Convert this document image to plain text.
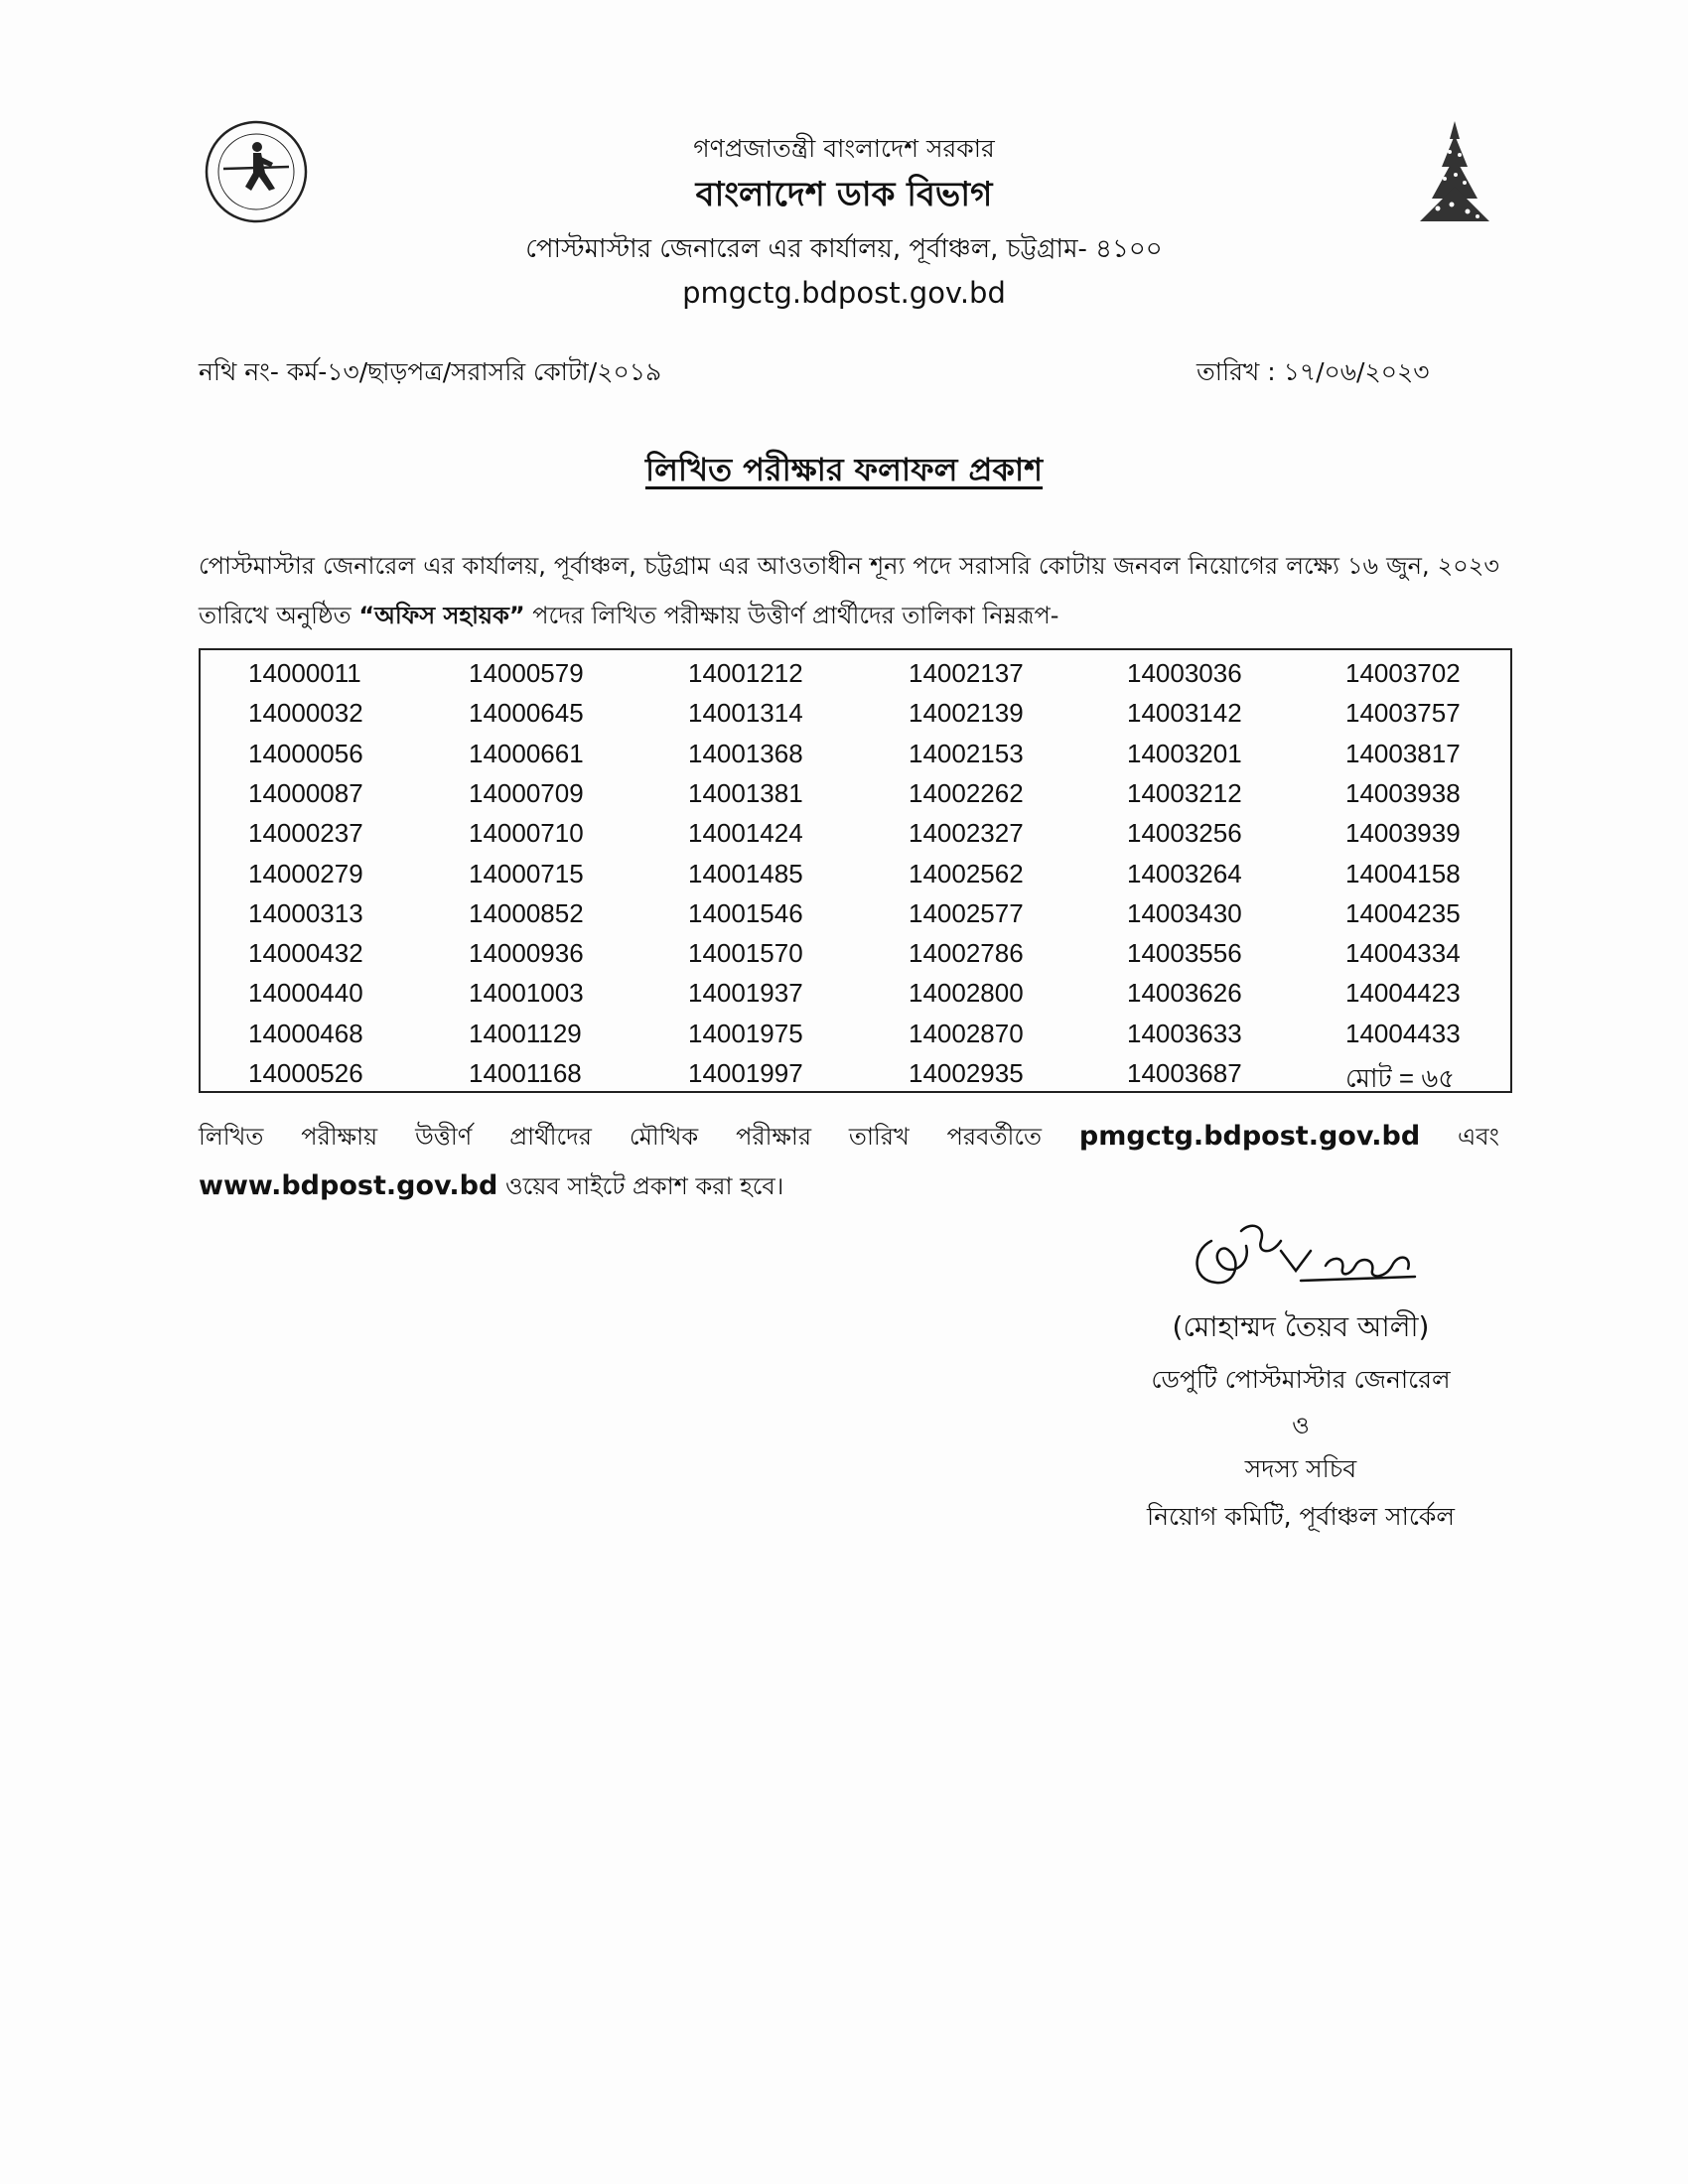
গণপ্রজাতন্ত্রী বাংলাদেশ সরকার
বাংলাদেশ ডাক বিভাগ
পোস্টমাস্টার জেনারেল এর কার্যালয়, পূর্বাঞ্চল, চট্টগ্রাম- ৪১০০
pmgctg.bdpost.gov.bd
নথি নং- কর্ম-১৩/ছাড়পত্র/সরাসরি কোটা/২০১৯	তারিখ : ১৭/০৬/২০২৩
লিখিত পরীক্ষার ফলাফল প্রকাশ
পোস্টমাস্টার জেনারেল এর কার্যালয়, পূর্বাঞ্চল, চট্টগ্রাম এর আওতাধীন শূন্য পদে সরাসরি কোটায় জনবল নিয়োগের লক্ষ্যে ১৬ জুন, ২০২৩ তারিখে অনুষ্ঠিত “অফিস সহায়ক” পদের লিখিত পরীক্ষায় উত্তীর্ণ প্রার্থীদের তালিকা নিম্নরূপ-
14000011
14000032
14000056
14000087
14000237
14000279
14000313
14000432
14000440
14000468
14000526
14000579
14000645
14000661
14000709
14000710
14000715
14000852
14000936
14001003
14001129
14001168
14001212
14001314
14001368
14001381
14001424
14001485
14001546
14001570
14001937
14001975
14001997
14002137
14002139
14002153
14002262
14002327
14002562
14002577
14002786
14002800
14002870
14002935
14003036
14003142
14003201
14003212
14003256
14003264
14003430
14003556
14003626
14003633
14003687
14003702
14003757
14003817
14003938
14003939
14004158
14004235
14004334
14004423
14004433
মোট = ৬৫
লিখিত পরীক্ষায় উত্তীর্ণ প্রার্থীদের মৌখিক পরীক্ষার তারিখ পরবর্তীতে pmgctg.bdpost.gov.bd এবং www.bdpost.gov.bd ওয়েব সাইটে প্রকাশ করা হবে।
(মোহাম্মদ তৈয়ব আলী)
ডেপুটি পোস্টমাস্টার জেনারেল
ও
সদস্য সচিব
নিয়োগ কমিটি, পূর্বাঞ্চল সার্কেল
